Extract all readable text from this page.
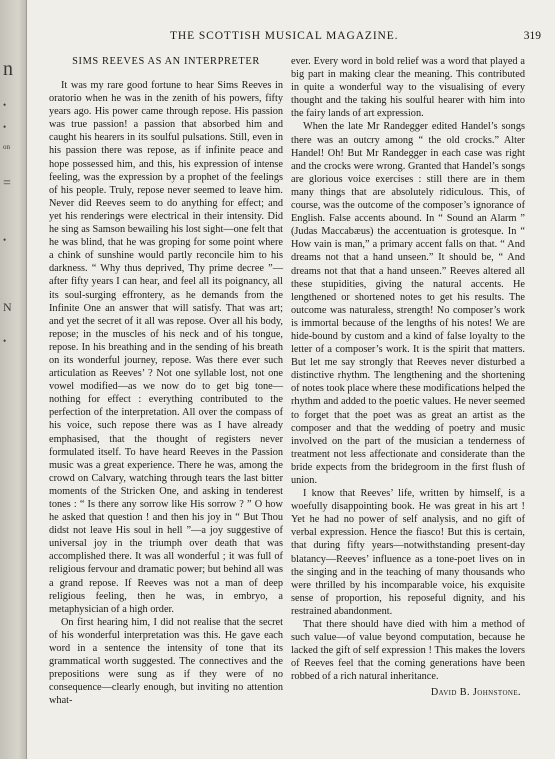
n
•
•
on
=
•
N
•
THE SCOTTISH MUSICAL MAGAZINE.	319
SIMS REEVES AS AN INTERPRETER

It was my rare good fortune to hear Sims Reeves in oratorio when he was in the zenith of his powers, fifty years ago. His power came through repose. His passion was true passion! a passion that absorbed him and caught his hearers in its soulful pulsations. Still, even in his passion there was repose, as if infinite peace and hope possessed him, and this, his expression of intense feeling, was the expression by a prophet of the feelings of his people. Truly, repose never seemed to leave him. Never did Reeves seem to do anything for effect; and yet his renderings were electrical in their intensity. Did he sing as Samson bewailing his lost sight—one felt that he was blind, that he was groping for some point where a chink of sunshine would partly reconcile him to his darkness. “ Why thus deprived, Thy prime decree ”—after fifty years I can hear, and feel all its poignancy, all its soul-surging effrontery, as he demands from the Infinite One an answer that will satisfy. That was art; and yet the secret of it all was repose. Over all his body, repose; in the muscles of his neck and of his tongue, repose. In his breathing and in the sending of his breath on its wonderful journey, repose. Was there ever such articulation as Reeves’ ? Not one syllable lost, not one vowel modified—as we now do to get big tone—nothing for effect : everything contributed to the perfection of the interpretation. All over the compass of his voice, such repose there was as I have already emphasised, that the thought of registers never formulated itself. To have heard Reeves in the Passion music was a great experience. There he was, among the crowd on Calvary, watching through tears the last bitter moments of the Stricken One, and asking in tenderest tones : “ Is there any sorrow like His sorrow ? ” O how he asked that question ! and then his joy in “ But Thou didst not leave His soul in hell ”—a joy suggestive of universal joy in the triumph over death that was accomplished there. It was all wonderful ; it was full of religious fervour and dramatic power; but behind all was a grand repose. If Reeves was not a man of deep religious feeling, then he was, in embryo, a metaphysician of a high order.

On first hearing him, I did not realise that the secret of his wonderful interpretation was this. He gave each word in a sentence the intensity of tone that its grammatical worth suggested. The connectives and the prepositions were sung as if they were of no consequence—clearly enough, but inviting no attention what-

ever. Every word in bold relief was a word that played a big part in making clear the meaning. This contributed in quite a wonderful way to the visualising of every thought and the taking his soulful hearer with him into the fairy lands of art expression.

When the late Mr Randegger edited Handel’s songs there was an outcry among “ the old crocks.” Alter Handel! Oh! But Mr Randegger in each case was right and the crocks were wrong. Granted that Handel’s songs are glorious voice exercises : still there are in them many things that are absolutely ridiculous. This, of course, was the outcome of the composer’s ignorance of English. False accents abound. In “ Sound an Alarm ” (Judas Maccabæus) the accentuation is grotesque. In “ How vain is man,” a primary accent falls on that. “ And dreams not that a hand unseen.” It should be, “ And dreams not that that a hand unseen.” Reeves altered all these stupidities, giving the natural accents. He lengthened or shortened notes to get his results. The outcome was naturaless, strength! No composer’s work is immortal because of the lengths of his notes! We are hide-bound by custom and a kind of false loyalty to the letter of a composer’s work. It is the spirit that matters. But let me say strongly that Reeves never disturbed a distinctive rhythm. The lengthening and the shortening of notes took place where these modifications helped the rhythm and added to the poetic values. He never seemed to forget that the poet was as great an artist as the composer and that the wedding of poetry and music involved on the part of the musician a tenderness of treatment not less affectionate and considerate than the bride expects from the bridegroom in the first flush of union.

I know that Reeves’ life, written by himself, is a woefully disappointing book. He was great in his art ! Yet he had no power of self analysis, and no gift of verbal expression. Hence the fiasco! But this is certain, that during fifty years—notwithstanding present-day blatancy—Reeves’ influence as a tone-poet lives on in the singing and in the teaching of many thousands who were thrilled by his incomparable voice, his exquisite sense of proportion, his reposeful dignity, and his restrained abandonment.

That there should have died with him a method of such value—of value beyond computation, because he lacked the gift of self expression ! This makes the lovers of Reeves feel that the coming generations have been robbed of a rich natural inheritance.

David B. Johnstone.
